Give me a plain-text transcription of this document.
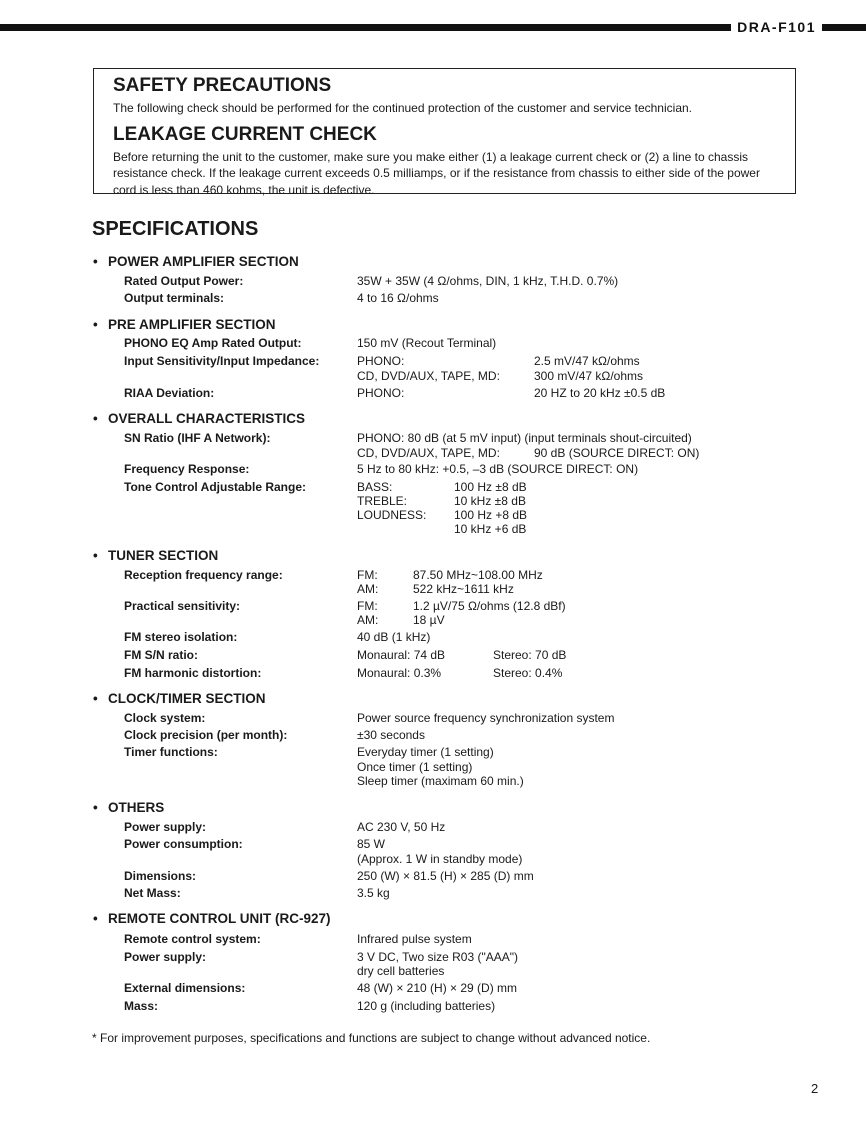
DRA-F101
SAFETY PRECAUTIONS

The following check should be performed for the continued protection of the customer and service technician.

LEAKAGE CURRENT CHECK

Before returning the unit to the customer, make sure you make either (1) a leakage current check or (2) a line to chassis resistance check. If the leakage current exceeds 0.5 milliamps, or if the resistance from chassis to either side of the power cord is less than 460 kohms, the unit is defective.

SPECIFICATIONS
• POWER AMPLIFIER SECTION
Rated Output Power:	35W + 35W (4 Ω/ohms, DIN, 1 kHz, T.H.D. 0.7%)
Output terminals:	4 to 16 Ω/ohms
• PRE AMPLIFIER SECTION
PHONO EQ Amp Rated Output:	150 mV (Recout Terminal)
Input Sensitivity/Input Impedance:	PHONO:	2.5 mV/47 kΩ/ohms
CD, DVD/AUX, TAPE, MD:	300 mV/47 kΩ/ohms
RIAA Deviation:	PHONO:	20 HZ to 20 kHz ±0.5 dB
• OVERALL CHARACTERISTICS
SN Ratio (IHF A Network):	PHONO: 80 dB (at 5 mV input) (input terminals shout-circuited)
CD, DVD/AUX, TAPE, MD:	90 dB (SOURCE DIRECT: ON)
Frequency Response:	5 Hz to 80 kHz: +0.5, –3 dB (SOURCE DIRECT: ON)
Tone Control Adjustable Range:	BASS:	100 Hz ±8 dB
TREBLE:	10 kHz ±8 dB
LOUDNESS: 100 Hz +8 dB
10 kHz +6 dB
• TUNER SECTION
Reception frequency range:	FM:	87.50 MHz~108.00 MHz
AM:	522 kHz~1611 kHz
Practical sensitivity:	FM:	1.2 µV/75 Ω/ohms (12.8 dBf)
AM:	18 µV
FM stereo isolation:	40 dB (1 kHz)
FM S/N ratio:	Monaural: 74 dB	Stereo: 70 dB
FM harmonic distortion:	Monaural: 0.3%	Stereo: 0.4%
• CLOCK/TIMER SECTION
Clock system:	Power source frequency synchronization system
Clock precision (per month):	±30 seconds
Timer functions:	Everyday timer (1 setting)
Once timer (1 setting)
Sleep timer (maximam 60 min.)
• OTHERS
Power supply:	AC 230 V, 50 Hz
Power consumption:	85 W
(Approx. 1 W in standby mode)
Dimensions:	250 (W) × 81.5 (H) × 285 (D) mm
Net Mass:	3.5 kg
• REMOTE CONTROL UNIT (RC-927)
Remote control system:	Infrared pulse system
Power supply:	3 V DC, Two size R03 ("AAA")
dry cell batteries
External dimensions:	48 (W) × 210 (H) × 29 (D) mm
Mass:	120 g (including batteries)
* For improvement purposes, specifications and functions are subject to change without advanced notice.
2
